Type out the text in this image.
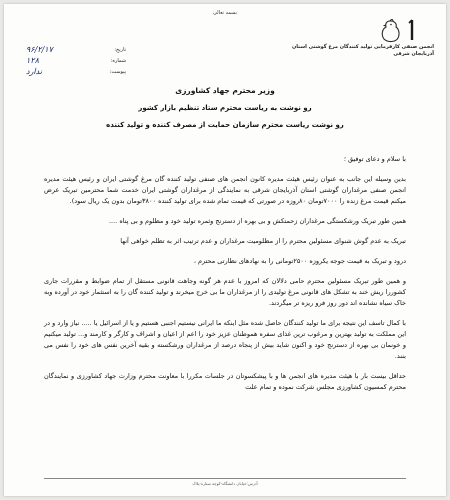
بسمه تعالی
انجمن صنفی کارفرمایی تولید کنندگان مرغ گوشتی استان آذربایجان شرقی
تاریخ:
۹۶/۲/۱۷
شماره:
۱۲۸
پیوست:
ندارد
وزیر محترم جهاد کشاورزی
رو نوشت به ریاست محترم ستاد تنظیم بازار کشور
رو نوشت ریاست محترم سازمان حمایت از مصرف کننده و تولید کننده

با سلام و دعای توفیق ؛

بدین وسیله این جانب به عنوان رئیس هیئت مدیره کانون انجمن های صنفی تولید کننده گان مرغ گوشتی ایران و رئیس هیئت مدیره انجمن صنفی مرغداران گوشتی استان آذربایجان شرقی به نمایندگی از مرغداران گوشتی ایران خدمت شما محترمین تبریک عرض میکنم قیمت مرغ زنده را ۷۰۰۰تومان ۸۰روزه در صورتی که قیمت تمام شده برای تولید کننده ۳۸۰۰تومان بدون یک ریال سود).

همین طور تبریک ورشکستگی مرغداران زحمتکش و بی بهره از دسترنج وثمره تولید خود و مظلوم و بی پناه ....

تبریک به عدم گوش شنوای مسئولین محترم را از مظلومیت مرغداران و عدم ترتیب اثر به تظلم خواهی آنها

درود و تبریک به قیمت جوجه یکروزه ۲۵۰۰تومانی را به نهادهای نظارتی محترم ،

و همین طور تبریک مسئولین محترم حامی دلالان که امروز با عدم هر گونه وجاهت قانونی مستقل از تمام ضوابط و مقررات جاری کشوررا ریش خند به تشکل های قانونی مرغ تولیدی را از مرغداران ما بی خرج میخرند و تولید کننده گان را به استثمار خود در آورده وبه خاک سیاه نشانده اند دور روز فرو ریزه تر میگردند.

با کمال تاسف این نتیجه برای ما تولید کنندگان حاصل شده مثل اینکه ما ایرانی نیستیم اجنبی هستیم و یا از اسرائیل یا ..... نیاز وارد و در این مملکت به تولید بهترین و مرغوب ترین غذای سفره هموطنان عزیز خود را اعم از اعیان و اشراف و کارگر و کارمند و... تولید میکنیم و خونمان بی بهره از دسترنج خود و اکنون شاید بیش از پنجاه درصد از مرغداران ورشکسته و بقیه آخرین نفس های خود را نفس می بنند.

حداقل بیست بار با هیئت مدیره های انجمن ها و با پیشکسوتان در جلسات مکررا با معاونت محترم وزارت جهاد کشاورزی و نمایندگان محترم کمسیون کشاورزی مجلس شرکت نموده و تمام علت

آدرس:خیابان دانشگاه-کوچه ستاره-پلاک
